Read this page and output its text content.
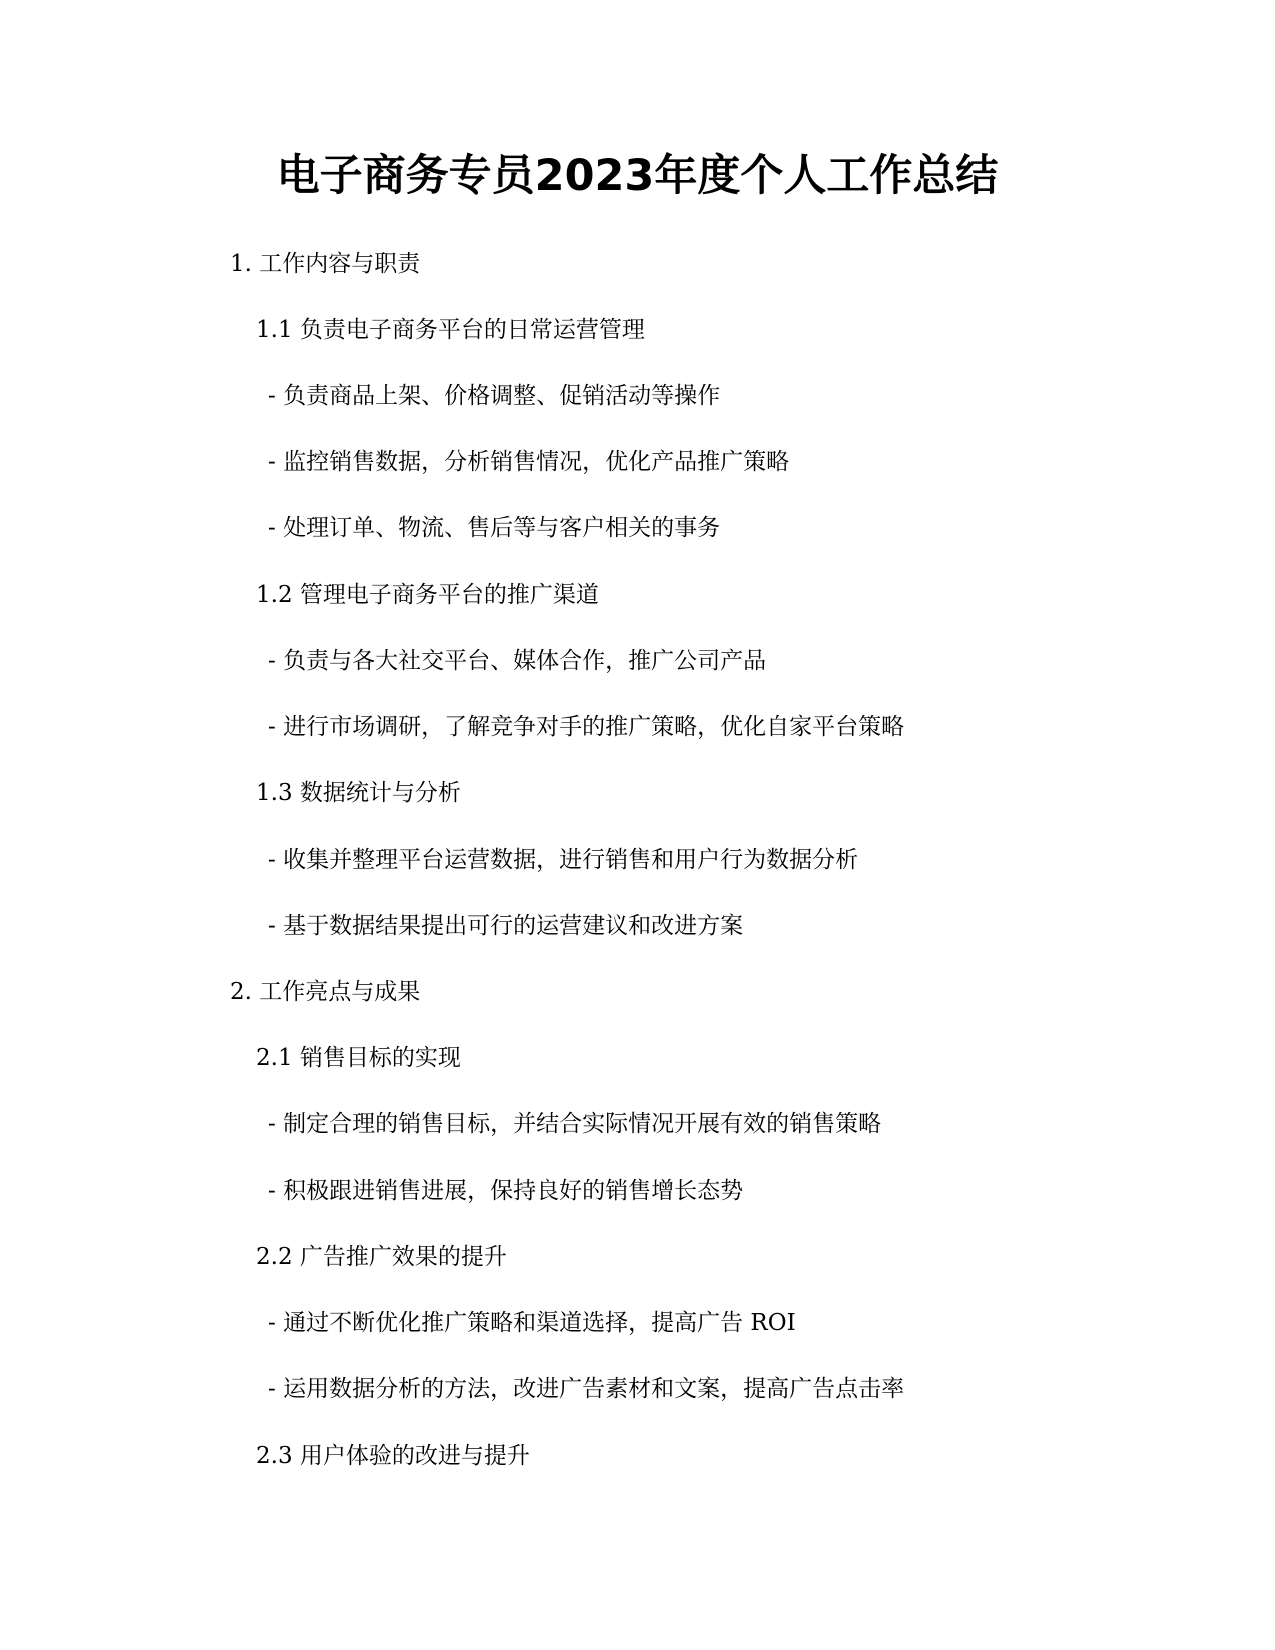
电子商务专员2023年度个人工作总结
1. 工作内容与职责
1.1 负责电子商务平台的日常运营管理
- 负责商品上架、价格调整、促销活动等操作
- 监控销售数据，分析销售情况，优化产品推广策略
- 处理订单、物流、售后等与客户相关的事务
1.2 管理电子商务平台的推广渠道
- 负责与各大社交平台、媒体合作，推广公司产品
- 进行市场调研，了解竞争对手的推广策略，优化自家平台策略
1.3 数据统计与分析
- 收集并整理平台运营数据，进行销售和用户行为数据分析
- 基于数据结果提出可行的运营建议和改进方案
2. 工作亮点与成果
2.1 销售目标的实现
- 制定合理的销售目标，并结合实际情况开展有效的销售策略
- 积极跟进销售进展，保持良好的销售增长态势
2.2 广告推广效果的提升
- 通过不断优化推广策略和渠道选择，提高广告 ROI
- 运用数据分析的方法，改进广告素材和文案，提高广告点击率
2.3 用户体验的改进与提升
